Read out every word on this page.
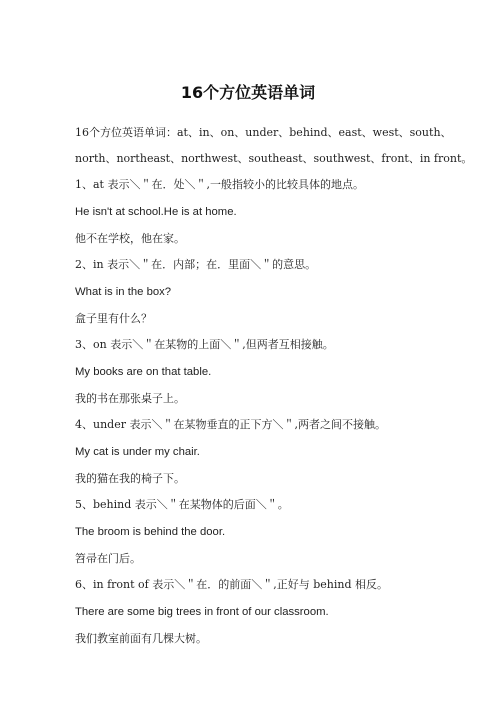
16个方位英语单词
16个方位英语单词：at、in、on、under、behind、east、west、south、
north、northeast、northwest、southeast、southwest、front、in front。
1、at 表示＼＂在．处＼＂,一般指较小的比较具体的地点。
He isn't at school.He is at home.
他不在学校，他在家。
2、in 表示＼＂在．内部；在．里面＼＂的意思。
What is in the box?
盒子里有什么？
3、on 表示＼＂在某物的上面＼＂,但两者互相接触。
My books are on that table.
我的书在那张桌子上。
4、under 表示＼＂在某物垂直的正下方＼＂,两者之间不接触。
My cat is under my chair.
我的猫在我的椅子下。
5、behind 表示＼＂在某物体的后面＼＂。
The broom is behind the door.
笤帚在门后。
6、in front of 表示＼＂在．的前面＼＂,正好与 behind 相反。
There are some big trees in front of our classroom.
我们教室前面有几棵大树。
